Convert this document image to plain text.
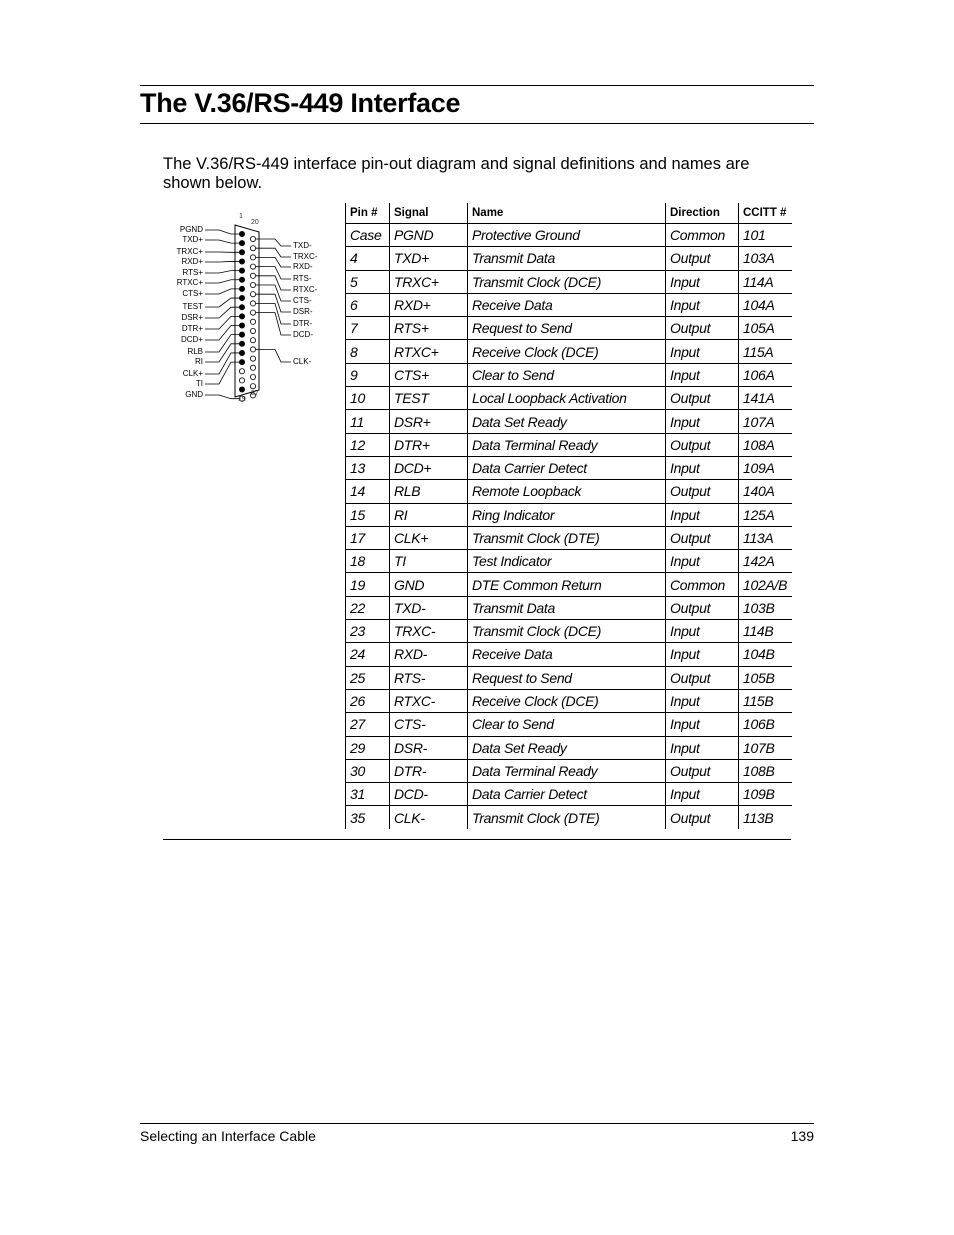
The V.36/RS-449 Interface

The V.36/RS-449 interface pin-out diagram and signal definitions and names are shown below.

1
20
19
37
PGND
TXD+
TRXC+
RXD+
RTS+
RTXC+
CTS+
TEST
DSR+
DTR+
DCD+
RLB
RI
CLK+
TI
GND
TXD-
TRXC-
RXD-
RTS-
RTXC-
CTS-
DSR-
DTR-
DCD-
CLK-
Pin #	Signal	Name	Direction	CCITT #
Case	PGND	Protective Ground	Common	101
4	TXD+	Transmit Data	Output	103A
5	TRXC+	Transmit Clock (DCE)	Input	114A
6	RXD+	Receive Data	Input	104A
7	RTS+	Request to Send	Output	105A
8	RTXC+	Receive Clock (DCE)	Input	115A
9	CTS+	Clear to Send	Input	106A
10	TEST	Local Loopback Activation	Output	141A
11	DSR+	Data Set Ready	Input	107A
12	DTR+	Data Terminal Ready	Output	108A
13	DCD+	Data Carrier Detect	Input	109A
14	RLB	Remote Loopback	Output	140A
15	RI	Ring Indicator	Input	125A
17	CLK+	Transmit Clock (DTE)	Output	113A
18	TI	Test Indicator	Input	142A
19	GND	DTE Common Return	Common	102A/B
22	TXD-	Transmit Data	Output	103B
23	TRXC-	Transmit Clock (DCE)	Input	114B
24	RXD-	Receive Data	Input	104B
25	RTS-	Request to Send	Output	105B
26	RTXC-	Receive Clock (DCE)	Input	115B
27	CTS-	Clear to Send	Input	106B
29	DSR-	Data Set Ready	Input	107B
30	DTR-	Data Terminal Ready	Output	108B
31	DCD-	Data Carrier Detect	Input	109B
35	CLK-	Transmit Clock (DTE)	Output	113B
Selecting an Interface Cable	139
